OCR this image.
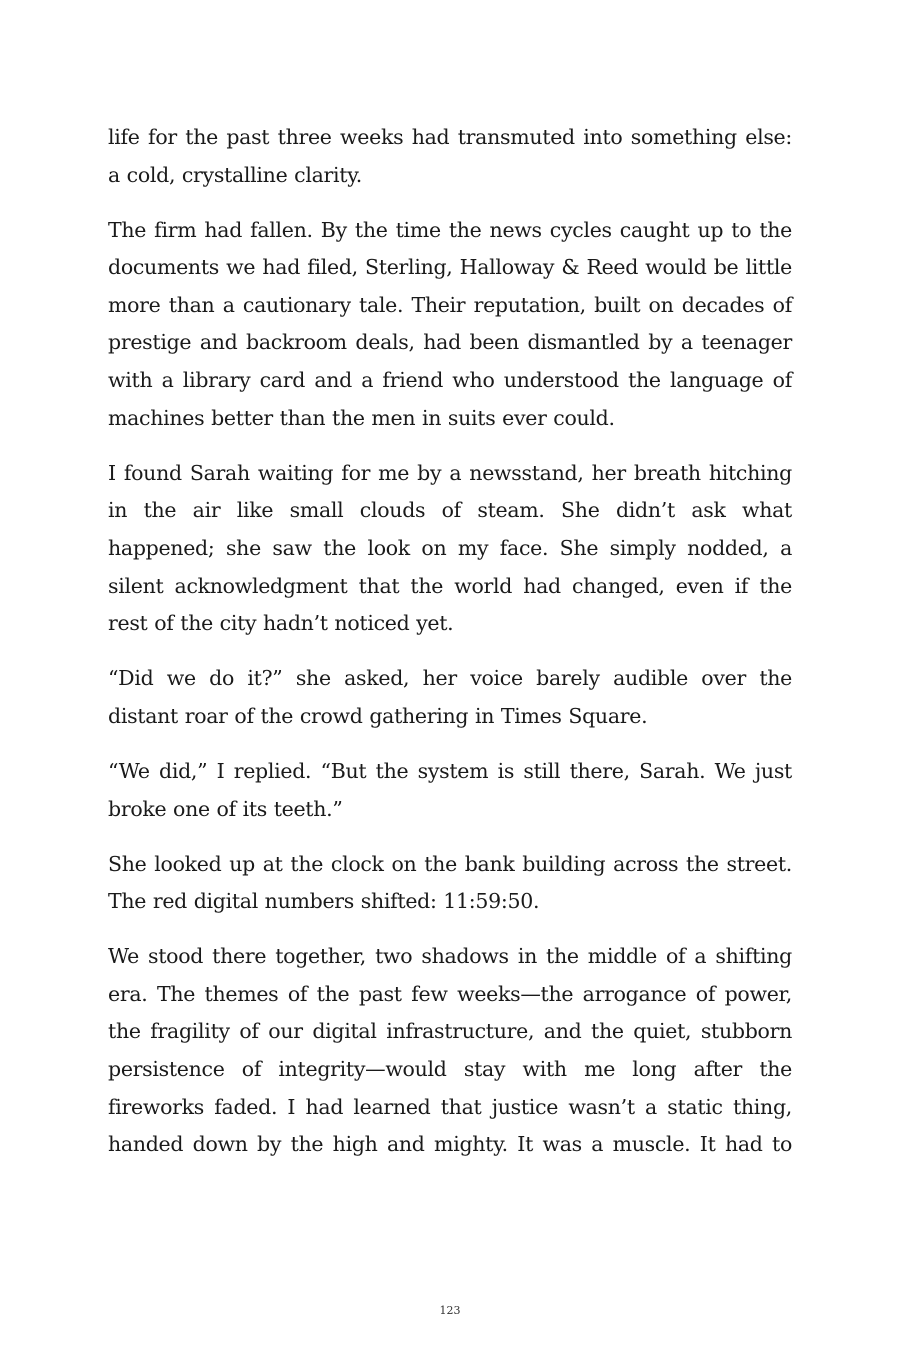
life for the past three weeks had transmuted into something else: a cold, crystalline clarity.

The firm had fallen. By the time the news cycles caught up to the documents we had filed, Sterling, Halloway & Reed would be little more than a cautionary tale. Their reputation, built on decades of prestige and backroom deals, had been dismantled by a teenager with a library card and a friend who understood the language of machines better than the men in suits ever could.

I found Sarah waiting for me by a newsstand, her breath hitching in the air like small clouds of steam. She didn’t ask what happened; she saw the look on my face. She simply nodded, a silent acknowledgment that the world had changed, even if the rest of the city hadn’t noticed yet.

“Did we do it?” she asked, her voice barely audible over the distant roar of the crowd gathering in Times Square.

“We did,” I replied. “But the system is still there, Sarah. We just broke one of its teeth.”

She looked up at the clock on the bank building across the street. The red digital numbers shifted: 11:59:50.

We stood there together, two shadows in the middle of a shifting era. The themes of the past few weeks—the arrogance of power, the fragility of our digital infrastructure, and the quiet, stubborn persistence of integrity—would stay with me long after the fireworks faded. I had learned that justice wasn’t a static thing, handed down by the high and mighty. It was a muscle. It had to

123
